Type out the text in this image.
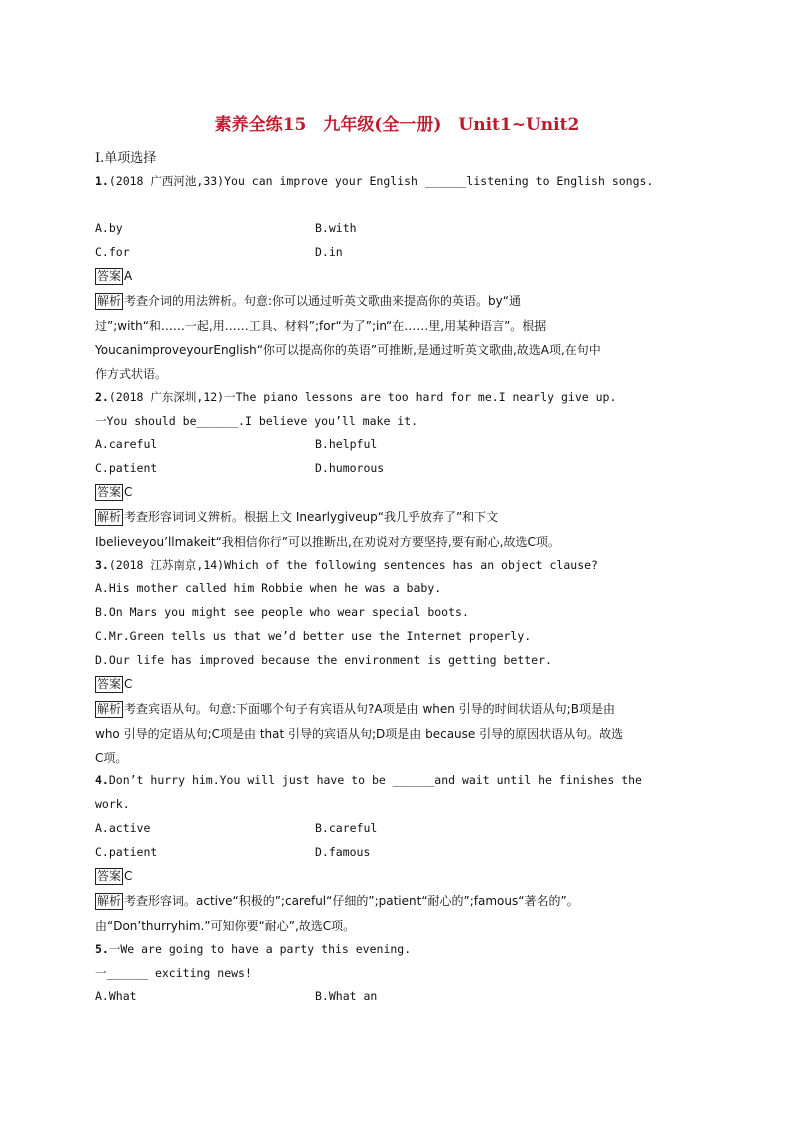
素养全练15　九年级(全一册)　Unit1~Unit2
Ⅰ.单项选择
1.(2018 广西河池,33)You can improve your English ______listening to English songs.
A.by	B.with
C.for	D.in
答案 A
解析 考查介词的用法辨析。句意:你可以通过听英文歌曲来提高你的英语。by“通
过”;with“和……一起,用……工具、材料”;for“为了”;in“在……里,用某种语言”。根据
YoucanimproveyourEnglish“你可以提高你的英语”可推断,是通过听英文歌曲,故选A项,在句中
作方式状语。
2.(2018 广东深圳,12)一The piano lessons are too hard for me.I nearly give up.
一You should be______.I believe you’ll make it.
A.careful	B.helpful
C.patient	D.humorous
答案 C
解析 考查形容词词义辨析。根据上文 Inearlygiveup“我几乎放弃了”和下文
Ibelieveyou’llmakeit“我相信你行”可以推断出,在劝说对方要坚持,要有耐心,故选C项。
3.(2018 江苏南京,14)Which of the following sentences has an object clause?
A.His mother called him Robbie when he was a baby.
B.On Mars you might see people who wear special boots.
C.Mr.Green tells us that we’d better use the Internet properly.
D.Our life has improved because the environment is getting better.
答案 C
解析 考查宾语从句。句意:下面哪个句子有宾语从句?A项是由 when 引导的时间状语从句;B项是由
who 引导的定语从句;C项是由 that 引导的宾语从句;D项是由 because 引导的原因状语从句。故选
C项。
4.Don’t hurry him.You will just have to be ______and wait until he finishes the
work.
A.active	B.careful
C.patient	D.famous
答案 C
解析 考查形容词。active“积极的”;careful“仔细的”;patient“耐心的”;famous“著名的”。
由“Don’thurryhim.”可知你要“耐心”,故选C项。
5.一We are going to have a party this evening.
一______ exciting news!
A.What	B.What an
